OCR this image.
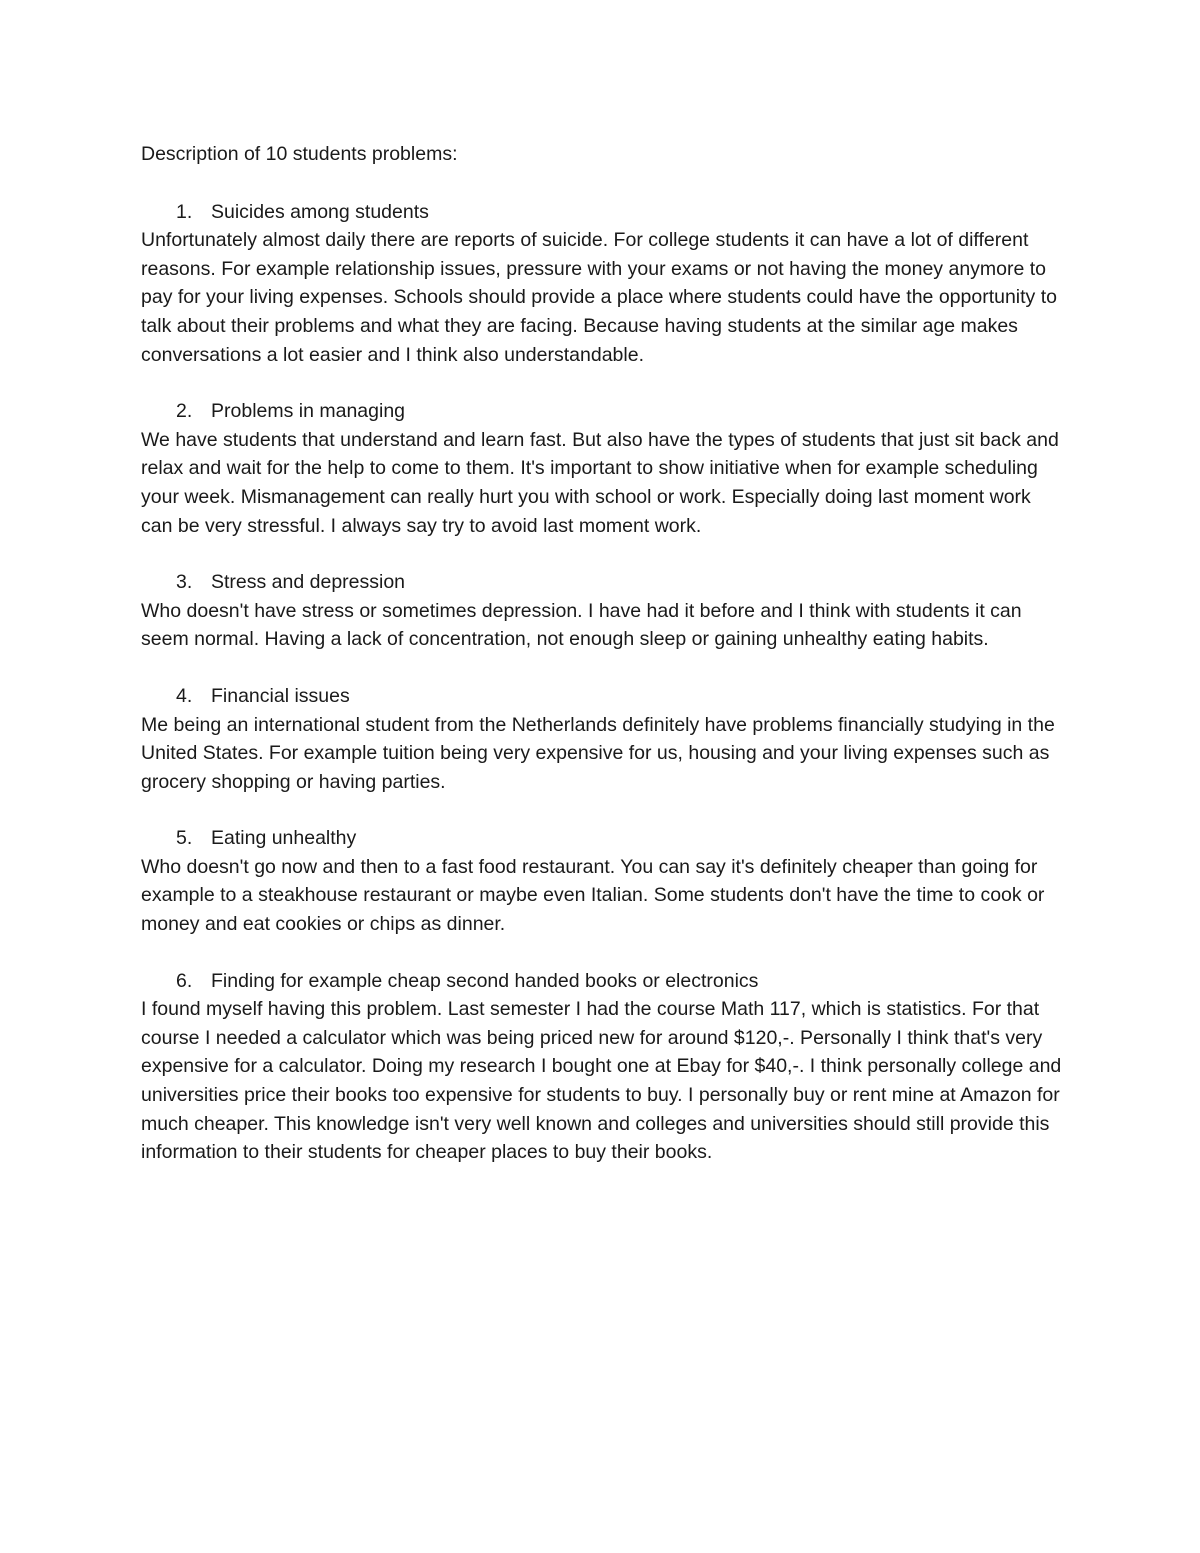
Description of 10 students problems:

1. Suicides among students

Unfortunately almost daily there are reports of suicide. For college students it can have a lot of different reasons. For example relationship issues, pressure with your exams or not having the money anymore to pay for your living expenses. Schools should provide a place where students could have the opportunity to talk about their problems and what they are facing. Because having students at the similar age makes conversations a lot easier and I think also understandable.

2. Problems in managing

We have students that understand and learn fast. But also have the types of students that just sit back and relax and wait for the help to come to them. It's important to show initiative when for example scheduling your week. Mismanagement can really hurt you with school or work. Especially doing last moment work can be very stressful. I always say try to avoid last moment work.

3. Stress and depression

Who doesn't have stress or sometimes depression. I have had it before and I think with students it can seem normal. Having a lack of concentration, not enough sleep or gaining unhealthy eating habits.

4. Financial issues

Me being an international student from the Netherlands definitely have problems financially studying in the United States. For example tuition being very expensive for us, housing and your living expenses such as grocery shopping or having parties.

5. Eating unhealthy

Who doesn't go now and then to a fast food restaurant. You can say it's definitely cheaper than going for example to a steakhouse restaurant or maybe even Italian. Some students don't have the time to cook or money and eat cookies or chips as dinner.

6. Finding for example cheap second handed books or electronics

I found myself having this problem. Last semester I had the course Math 117, which is statistics. For that course I needed a calculator which was being priced new for around $120,-. Personally I think that's very expensive for a calculator. Doing my research I bought one at Ebay for $40,-. I think personally college and universities price their books too expensive for students to buy. I personally buy or rent mine at Amazon for much cheaper. This knowledge isn't very well known and colleges and universities should still provide this information to their students for cheaper places to buy their books.
